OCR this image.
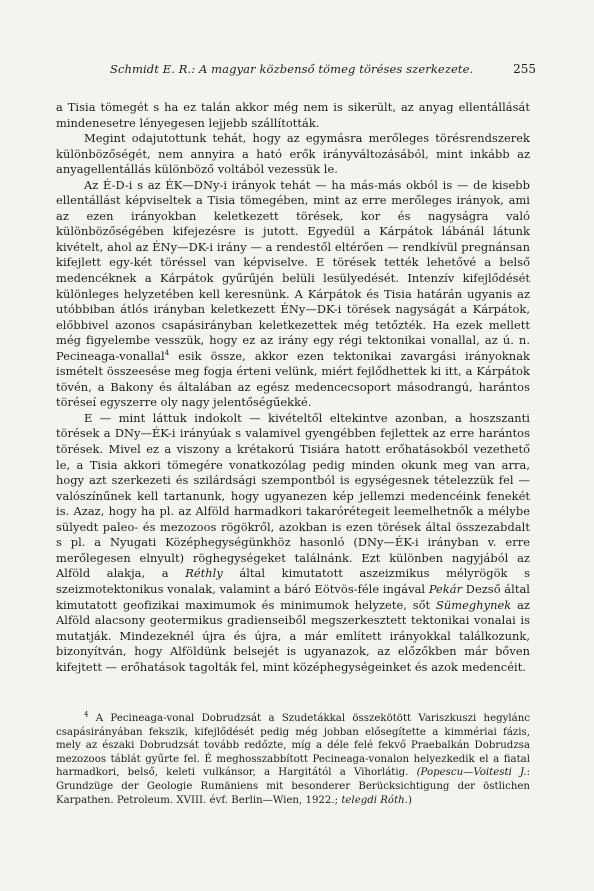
Schmidt E. R.: A magyar közbenső tömeg töréses szerkezete.	255

a Tisia tömegét s ha ez talán akkor még nem is sikerült, az anyag ellentállását mindenesetre lényegesen lejjebb szállították.

Megint odajutottunk tehát, hogy az egymásra merőleges törésrendszerek különbözőségét, nem annyira a ható erők irányváltozásából, mint inkább az anyagellentállás különböző voltából vezessük le.

Az É-D-i s az ÉK—DNy-i irányok tehát — ha más-más okból is — de kisebb ellentállást képviseltek a Tisia tömegében, mint az erre merőleges irányok, ami az ezen irányokban keletkezett törések, kor és nagyságra való különbözőségében kifejezésre is jutott. Egyedül a Kárpátok lábánál látunk kivételt, ahol az ÉNy—DK-i irány — a rendestől eltérően — rendkívül pregnánsan kifejlett egy-két töréssel van képviselve. E törések tették lehetővé a belső medencéknek a Kárpátok gyűrűjén belüli lesülyedését. Intenzív kifejlődését különleges helyzetében kell keresnünk. A Kárpátok és Tisia határán ugyanis az utóbbiban átlós irányban keletkezett ÉNy—DK-i törések nagyságát a Kárpátok, előbbivel azonos csapásirányban keletkezettek még tetőzték. Ha ezek mellett még figyelembe vesszük, hogy ez az irány egy régi tektonikai vonallal, az ú. n. Pecineaga-vonallal$^4$ esik össze, akkor ezen tektonikai zavargási irányoknak ismételt összeesése meg fogja érteni velünk, miért fejlődhettek ki itt, a Kárpátok tövén, a Bakony és általában az egész medencecsoport másodrangú, harántos töréseí egyszerre oly nagy jelentőségűekké.

E — mint láttuk indokolt — kivételtől eltekintve azonban, a hoszszanti törések a DNy—ÉK-i irányúak s valamivel gyengébben fejlettek az erre harántos törések. Mivel ez a viszony a krétakorú Tisiára hatott erőhatásokból vezethető le, a Tisia akkori tömegére vonatkozólag pedig minden okunk meg van arra, hogy azt szerkezeti és szilárdsági szempontból is egységesnek tételezzük fel — valószínűnek kell tartanunk, hogy ugyanezen kép jellemzi medencéink fenekét is. Azaz, hogy ha pl. az Alföld harmadkori takarórétegeit leemelhetnők a mélybe sülyedt paleo- és mezozoos rögökről, azokban is ezen törések által összezabdalt s pl. a Nyugati Középhegységünkhöz hasonló (DNy—ÉK-i irányban v. erre merőlegesen elnyult) röghegységeket találnánk. Ezt különben nagyjából az Alföld alakja, a Réthly által kimutatott aszeizmikus mélyrögök s szeizmotektonikus vonalak, valamint a báró Eötvös-féle ingával Pekár Dezső által kimutatott geofizikai maximumok és minimumok helyzete, sőt Sümeghynek az Alföld alacsony geotermikus gradienseiből megszerkesztett tektonikai vonalai is mutatják. Mindezeknél újra és újra, a már említett irányokkal találkozunk, bizonyítván, hogy Alföldünk belsejét is ugyanazok, az előzőkben már bőven kifejtett — erőhatások tagolták fel, mint középhegységeinket és azok medencéit.

$^4$ A Pecineaga-vonal Dobrudzsát a Szudetákkal összekötött Variszkuszi hegylánc csapásirányában fekszik, kifejlődését pedig még jobban elősegítette a kimmériai fázis, mely az északi Dobrudzsát tovább redőzte, míg a déle felé fekvő Praebalkán Dobrudzsa mezozoos táblát gyűrte fel. É meghosszabbított Pecineaga-vonalon helyezkedik el a fiatal harmadkori, belső, keleti vulkánsor, a Hargitától a Vihorlátig. (Popescu—Voitesti J.: Grundzüge der Geologie Rumäniens mit besonderer Berücksichtigung der östlichen Karpathen. Petroleum. XVIII. évf. Berlin—Wien, 1922.; telegdi Róth.)
